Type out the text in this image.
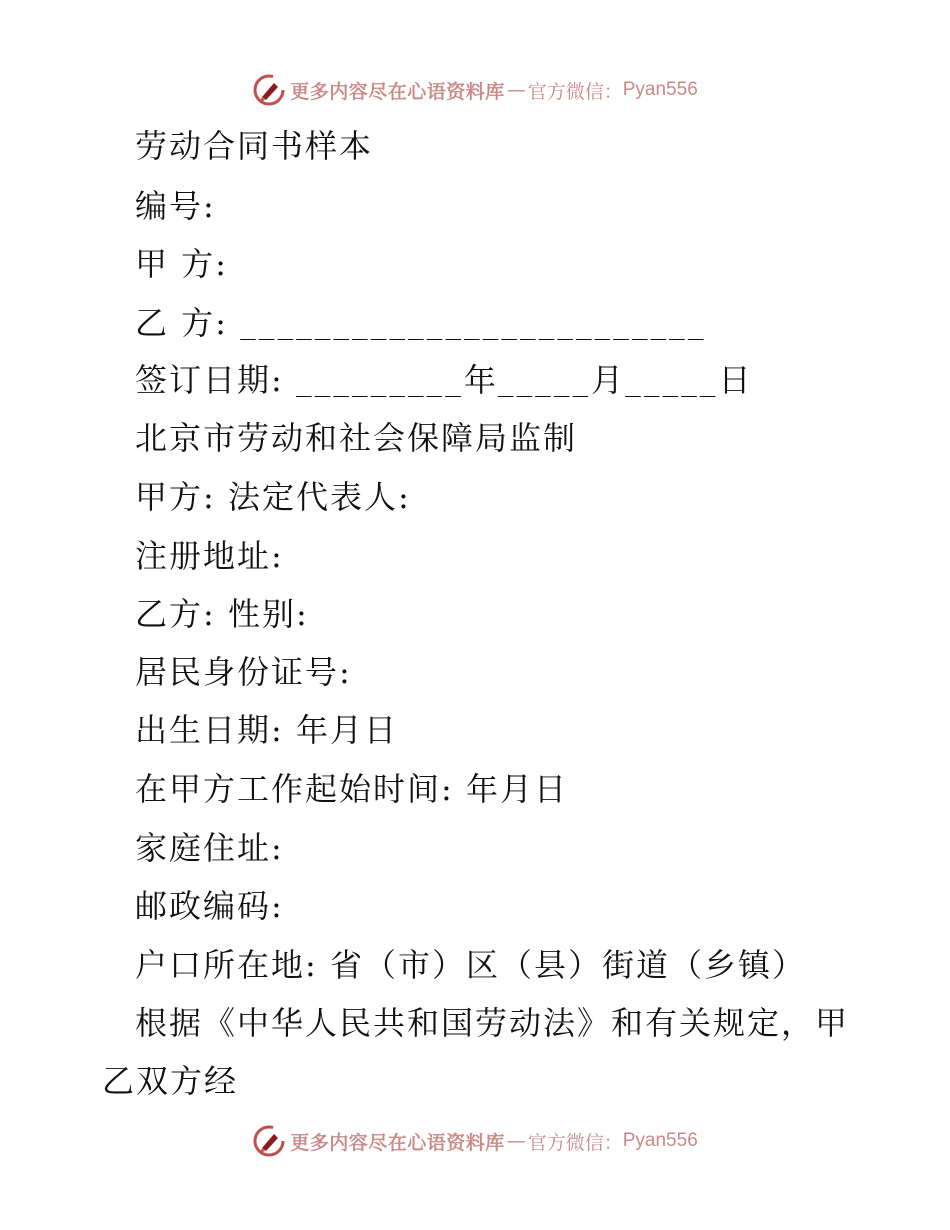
更多内容尽在心语资料库 — 官方微信： Pyan556
劳动合同书样本
编号:
甲 方:
乙 方: _________________________
签订日期: _________年_____月_____日
北京市劳动和社会保障局监制
甲方: 法定代表人:
注册地址:
乙方: 性别:
居民身份证号:
出生日期: 年月日
在甲方工作起始时间: 年月日
家庭住址:
邮政编码:
户口所在地: 省（市）区（县）街道（乡镇）
根据《中华人民共和国劳动法》和有关规定，甲
乙双方经
更多内容尽在心语资料库 — 官方微信： Pyan556
